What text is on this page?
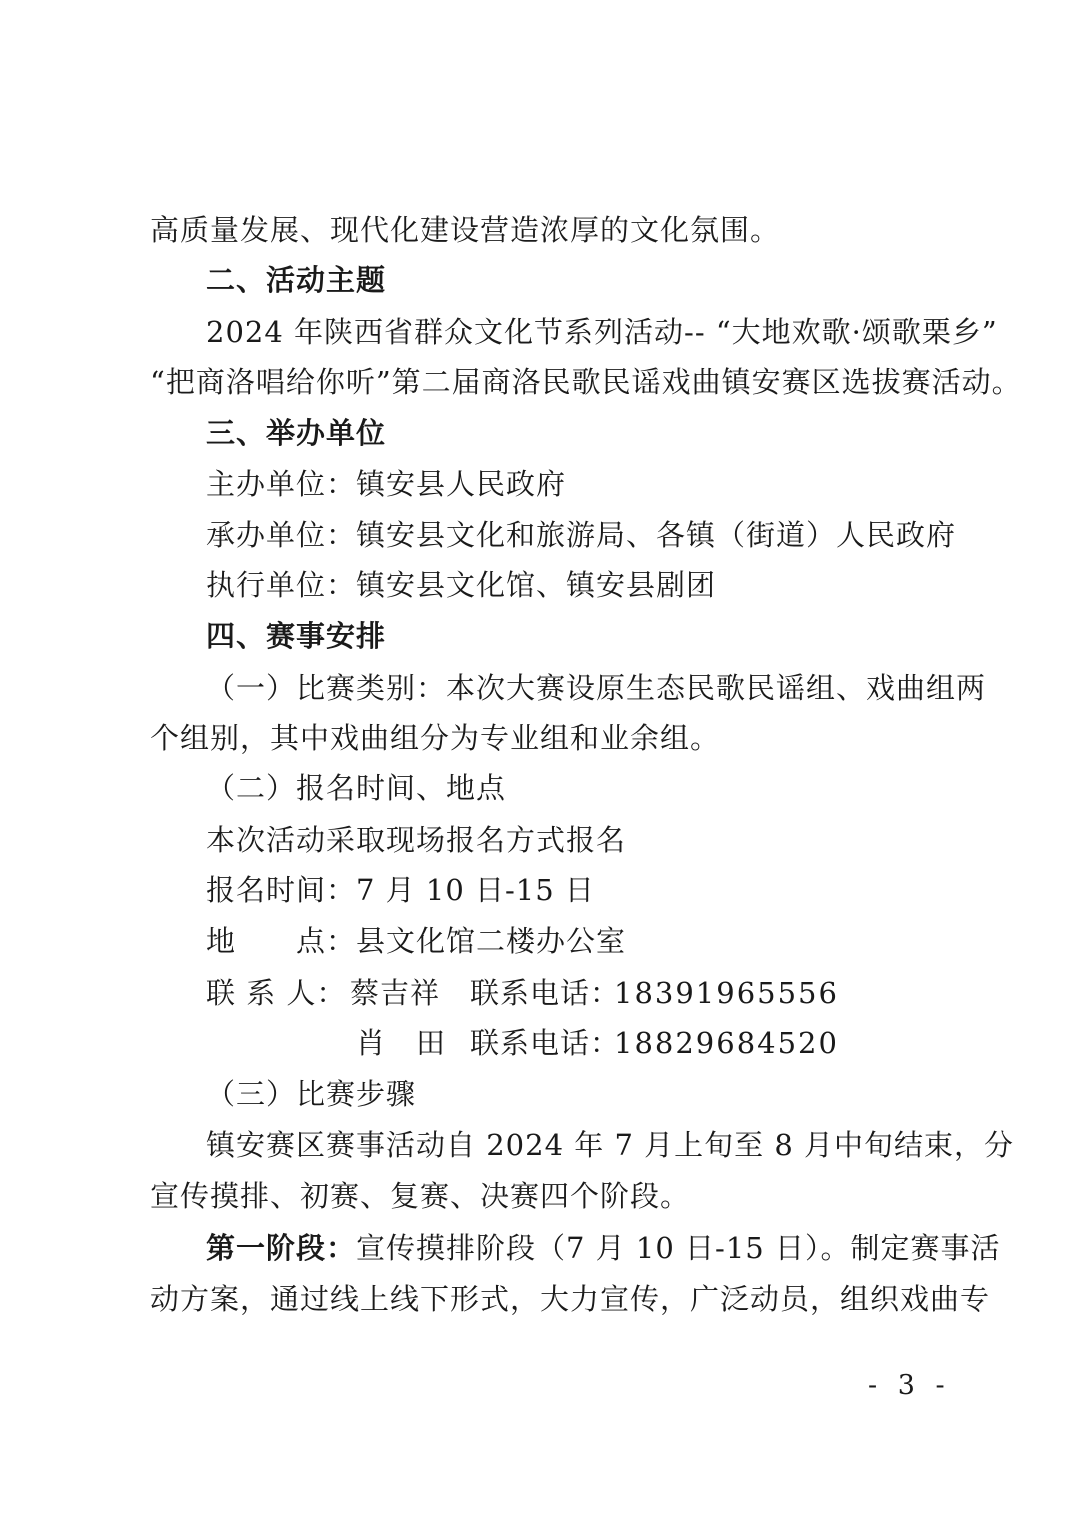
高质量发展、现代化建设营造浓厚的文化氛围。
二、活动主题
2024 年陕西省群众文化节系列活动-- “大地欢歌·颂歌栗乡”
“把商洛唱给你听”第二届商洛民歌民谣戏曲镇安赛区选拔赛活动。
三、举办单位
主办单位：镇安县人民政府
承办单位：镇安县文化和旅游局、各镇（街道）人民政府
执行单位：镇安县文化馆、镇安县剧团
四、赛事安排
（一）比赛类别：本次大赛设原生态民歌民谣组、戏曲组两
个组别，其中戏曲组分为专业组和业余组。
（二）报名时间、地点
本次活动采取现场报名方式报名
报名时间：7 月 10 日-15 日
地　　点：县文化馆二楼办公室
联 系 人： 蔡吉祥 联系电话：
18391965556
肖　田 联系电话：
18829684520
（三）比赛步骤
镇安赛区赛事活动自 2024 年 7 月上旬至 8 月中旬结束，分
宣传摸排、初赛、复赛、决赛四个阶段。
第一阶段：宣传摸排阶段（7 月 10 日-15 日）。制定赛事活
动方案，通过线上线下形式，大力宣传，广泛动员，组织戏曲专
- 3 -
